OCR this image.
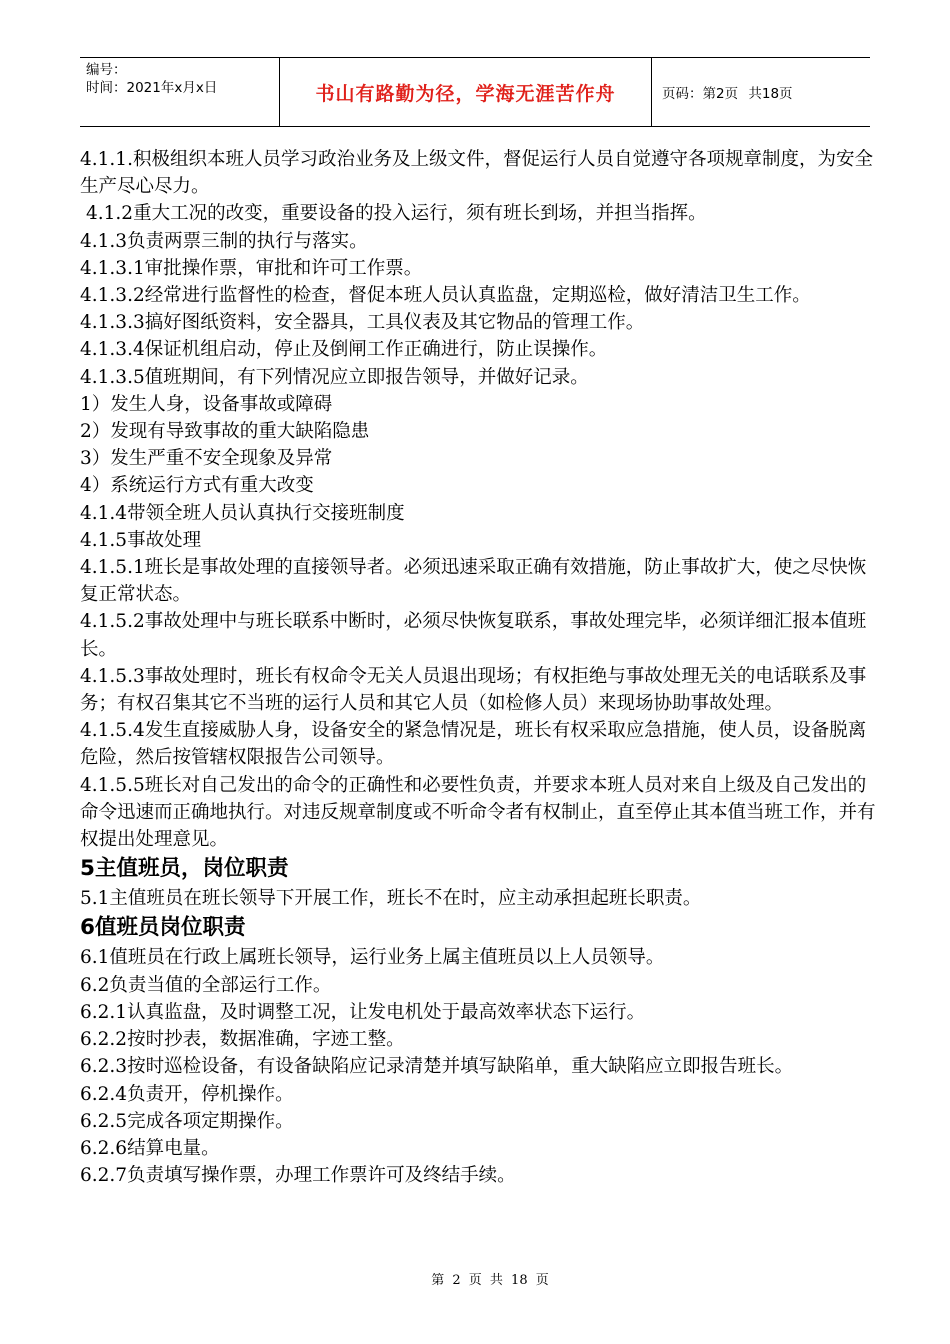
编号：
时间：2021年x月x日	书山有路勤为径，学海无涯苦作舟	页码：第2页 共18页

4.1.1.积极组织本班人员学习政治业务及上级文件，督促运行人员自觉遵守各项规章制度，为安全生产尽心尽力。

4.1.2重大工况的改变，重要设备的投入运行，须有班长到场，并担当指挥。

4.1.3负责两票三制的执行与落实。

4.1.3.1审批操作票，审批和许可工作票。

4.1.3.2经常进行监督性的检查，督促本班人员认真监盘，定期巡检，做好清洁卫生工作。

4.1.3.3搞好图纸资料，安全器具，工具仪表及其它物品的管理工作。

4.1.3.4保证机组启动，停止及倒闸工作正确进行，防止误操作。

4.1.3.5值班期间，有下列情况应立即报告领导，并做好记录。

1）发生人身，设备事故或障碍

2）发现有导致事故的重大缺陷隐患

3）发生严重不安全现象及异常

4）系统运行方式有重大改变

4.1.4带领全班人员认真执行交接班制度

4.1.5事故处理

4.1.5.1班长是事故处理的直接领导者。必须迅速采取正确有效措施，防止事故扩大，使之尽快恢复正常状态。

4.1.5.2事故处理中与班长联系中断时，必须尽快恢复联系，事故处理完毕，必须详细汇报本值班长。

4.1.5.3事故处理时，班长有权命令无关人员退出现场；有权拒绝与事故处理无关的电话联系及事务；有权召集其它不当班的运行人员和其它人员（如检修人员）来现场协助事故处理。

4.1.5.4发生直接威胁人身，设备安全的紧急情况是，班长有权采取应急措施，使人员，设备脱离危险，然后按管辖权限报告公司领导。

4.1.5.5班长对自己发出的命令的正确性和必要性负责，并要求本班人员对来自上级及自己发出的命令迅速而正确地执行。对违反规章制度或不听命令者有权制止，直至停止其本值当班工作，并有权提出处理意见。

5主值班员，岗位职责

5.1主值班员在班长领导下开展工作，班长不在时，应主动承担起班长职责。

6值班员岗位职责

6.1值班员在行政上属班长领导，运行业务上属主值班员以上人员领导。

6.2负责当值的全部运行工作。

6.2.1认真监盘，及时调整工况，让发电机处于最高效率状态下运行。

6.2.2按时抄表，数据准确，字迹工整。

6.2.3按时巡检设备，有设备缺陷应记录清楚并填写缺陷单，重大缺陷应立即报告班长。

6.2.4负责开，停机操作。

6.2.5完成各项定期操作。

6.2.6结算电量。

6.2.7负责填写操作票，办理工作票许可及终结手续。

第 2 页 共 18 页
